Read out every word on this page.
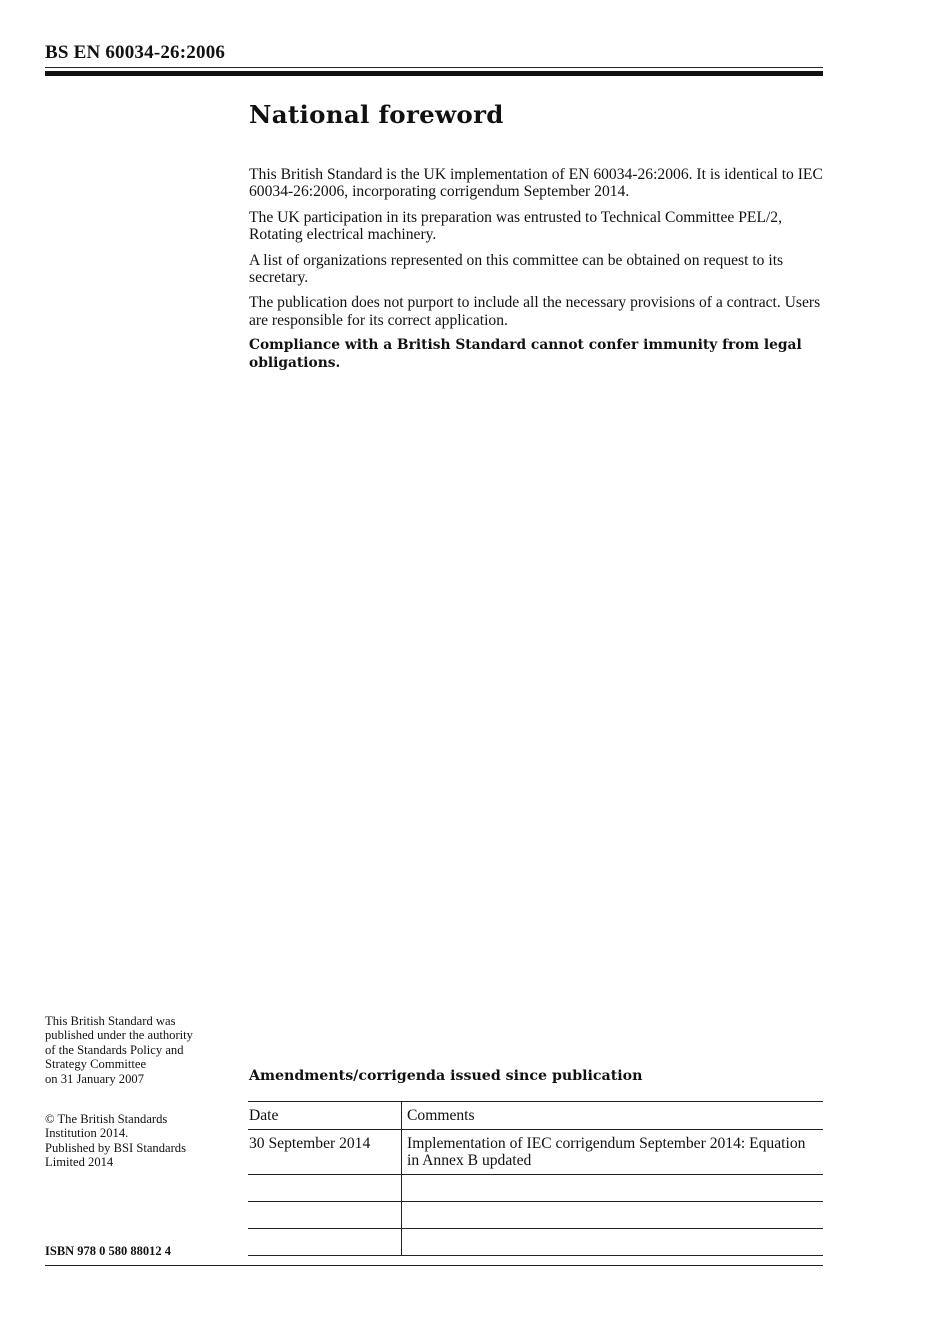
BS EN 60034-26:2006
National foreword

This British Standard is the UK implementation of EN 60034-26:2006. It is identical to IEC 60034-26:2006, incorporating corrigendum September 2014.

The UK participation in its preparation was entrusted to Technical Committee PEL/2, Rotating electrical machinery.

A list of organizations represented on this committee can be obtained on request to its secretary.

The publication does not purport to include all the necessary provisions of a contract. Users are responsible for its correct application.

Compliance with a British Standard cannot confer immunity from legal obligations.

This British Standard was
published under the authority
of the Standards Policy and
Strategy Committee
on 31 January 2007
© The British Standards
Institution 2014.
Published by BSI Standards
Limited 2014
ISBN 978 0 580 88012 4
Amendments/corrigenda issued since publication
Date	Comments
30 September 2014	Implementation of IEC corrigendum September 2014: Equation in Annex B updated
